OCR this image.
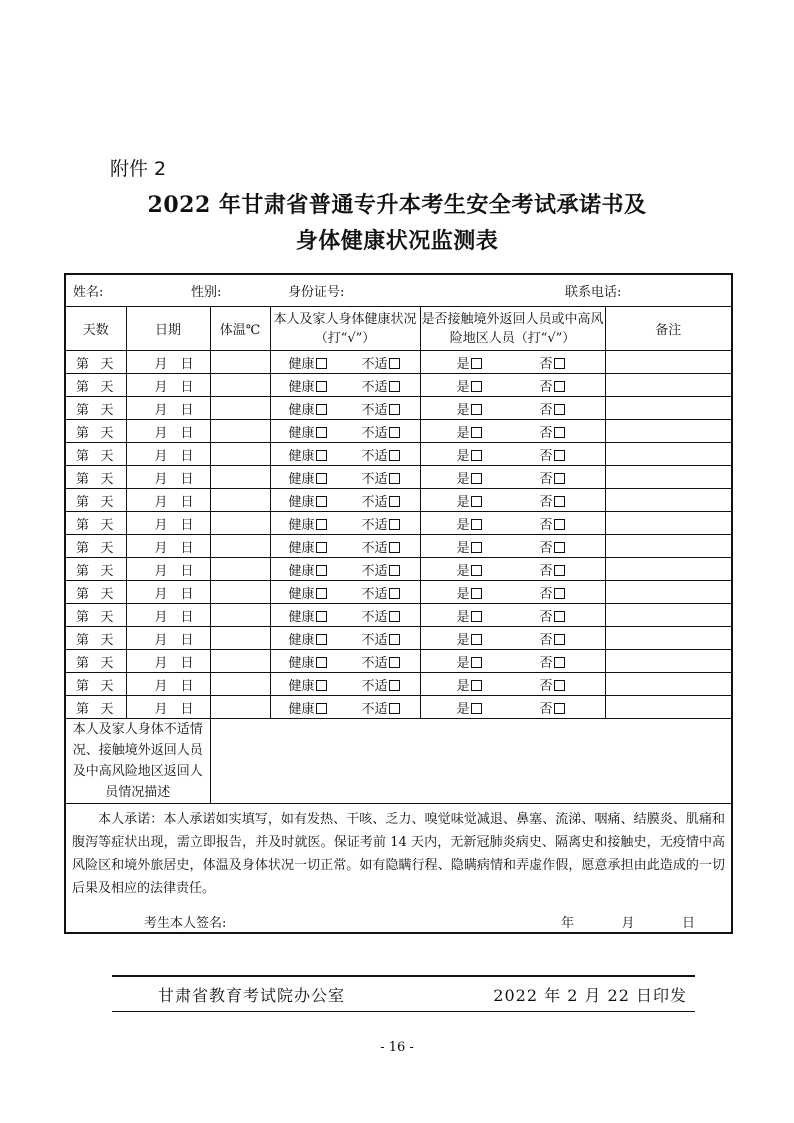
附件 2
2022 年甘肃省普通专升本考生安全考试承诺书及
身体健康状况监测表
姓名: 性别: 身份证号: 联系电话:					

天数	日期	体温℃	本人及家人身体健康状况（打“√”）	是否接触境外返回人员或中高风险地区人员（打“√”）	备注

第 天	月 日		健康 不适	是 否	

第 天	月 日		健康 不适	是 否	

第 天	月 日		健康 不适	是 否	

第 天	月 日		健康 不适	是 否	

第 天	月 日		健康 不适	是 否	

第 天	月 日		健康 不适	是 否	

第 天	月 日		健康 不适	是 否	

第 天	月 日		健康 不适	是 否	

第 天	月 日		健康 不适	是 否	

第 天	月 日		健康 不适	是 否	

第 天	月 日		健康 不适	是 否	

第 天	月 日		健康 不适	是 否	

第 天	月 日		健康 不适	是 否	

第 天	月 日		健康 不适	是 否	

第 天	月 日		健康 不适	是 否	

第 天	月 日		健康 不适	是 否	

本人及家人身体不适情况、接触境外返回人员及中高风险地区返回人员情况描述					

本人承诺：本人承诺如实填写，如有发热、干咳、乏力、嗅觉味觉减退、鼻塞、流涕、咽痛、结膜炎、肌痛和腹泻等症状出现，需立即报告，并及时就医。保证考前 14 天内，无新冠肺炎病史、隔离史和接触史，无疫情中高风险区和境外旅居史，体温及身体状况一切正常。如有隐瞒行程、隐瞒病情和弄虚作假，愿意承担由此造成的一切后果及相应的法律责任。
考生本人签名: 年 月 日					
甘肃省教育考试院办公室	2022 年 2 月 22 日印发
- 16 -
